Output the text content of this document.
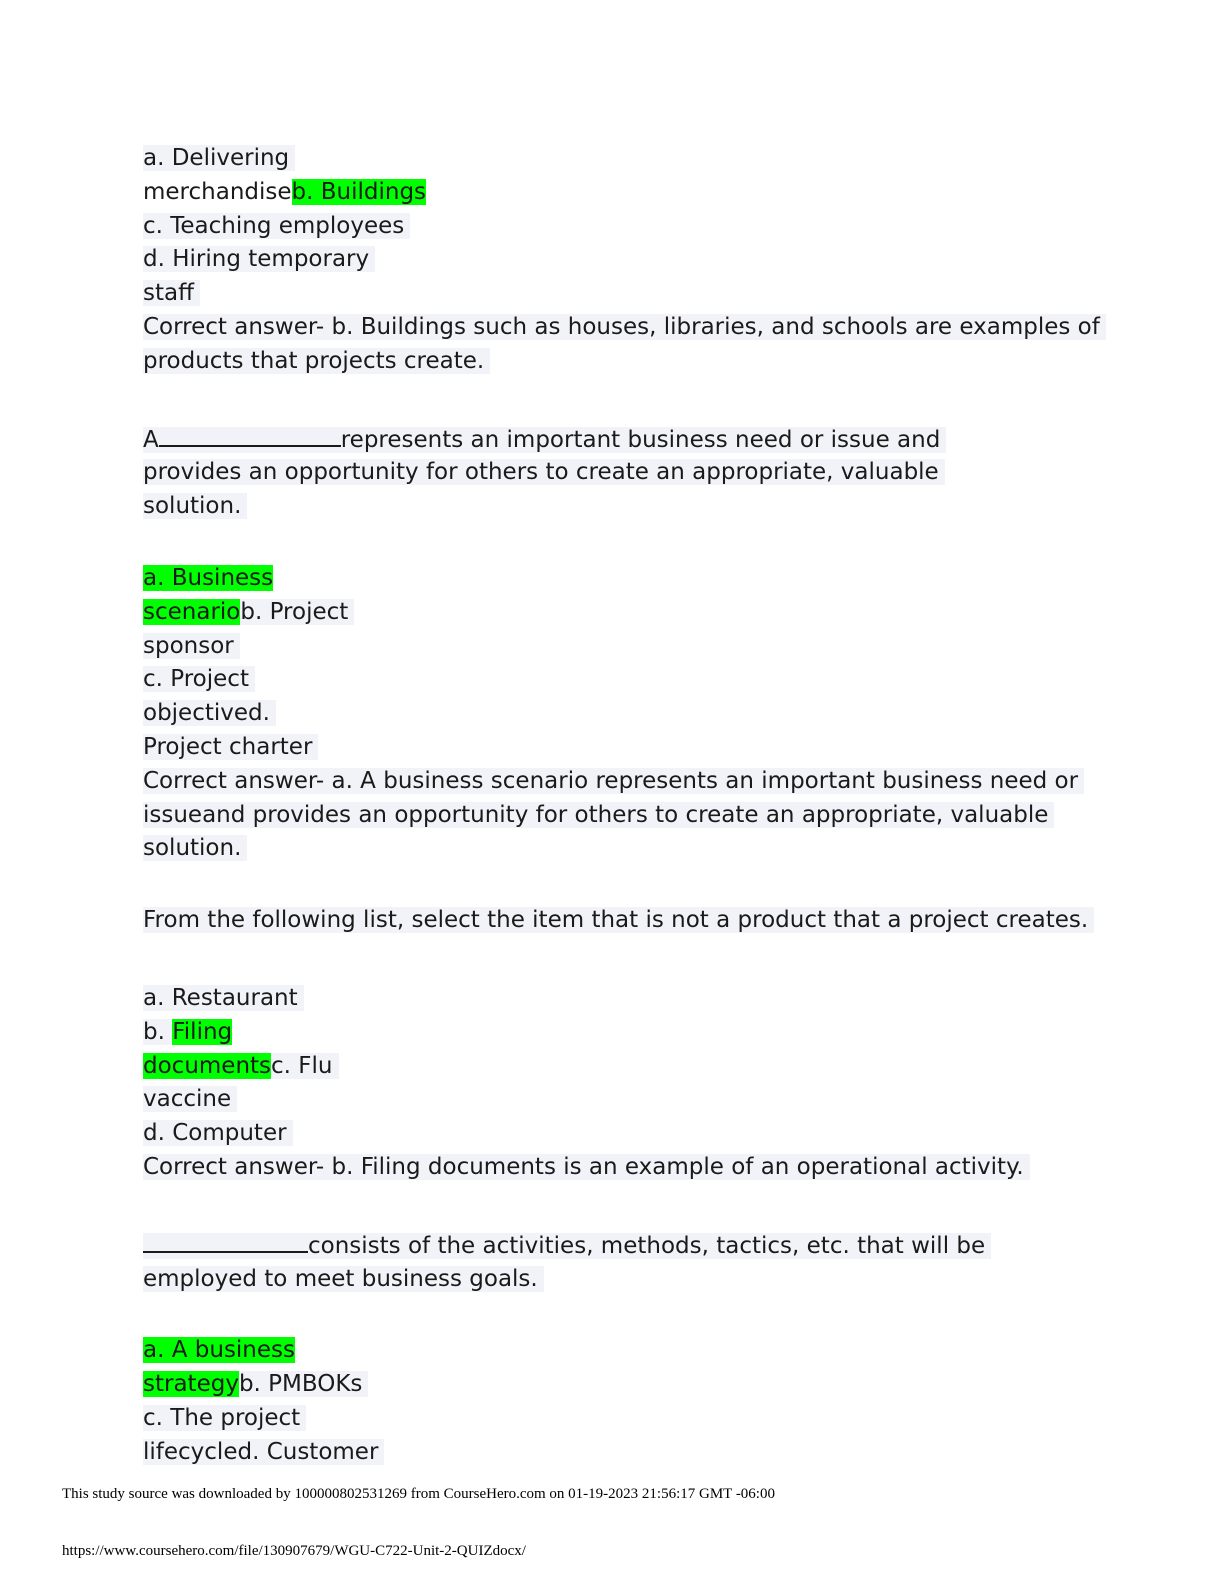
a. Delivering
merchandiseb. Buildings
c. Teaching employees
d. Hiring temporary
staff
Correct answer- b. Buildings such as houses, libraries, and schools are examples of
products that projects create.
A	represents an important business need or issue and
provides an opportunity for others to create an appropriate, valuable
solution.
a. Business
scenariob. Project
sponsor
c. Project
objectived.
Project charter
Correct answer- a. A business scenario represents an important business need or
issueand provides an opportunity for others to create an appropriate, valuable
solution.
From the following list, select the item that is not a product that a project creates.
a. Restaurant
b. Filing
documentsc. Flu
vaccine
d. Computer
Correct answer- b. Filing documents is an example of an operational activity.
consists of the activities, methods, tactics, etc. that will be
employed to meet business goals.
a. A business
strategyb. PMBOKs
c. The project
lifecycled. Customer
This study source was downloaded by 100000802531269 from CourseHero.com on 01-19-2023 21:56:17 GMT -06:00
https://www.coursehero.com/file/130907679/WGU-C722-Unit-2-QUIZdocx/
